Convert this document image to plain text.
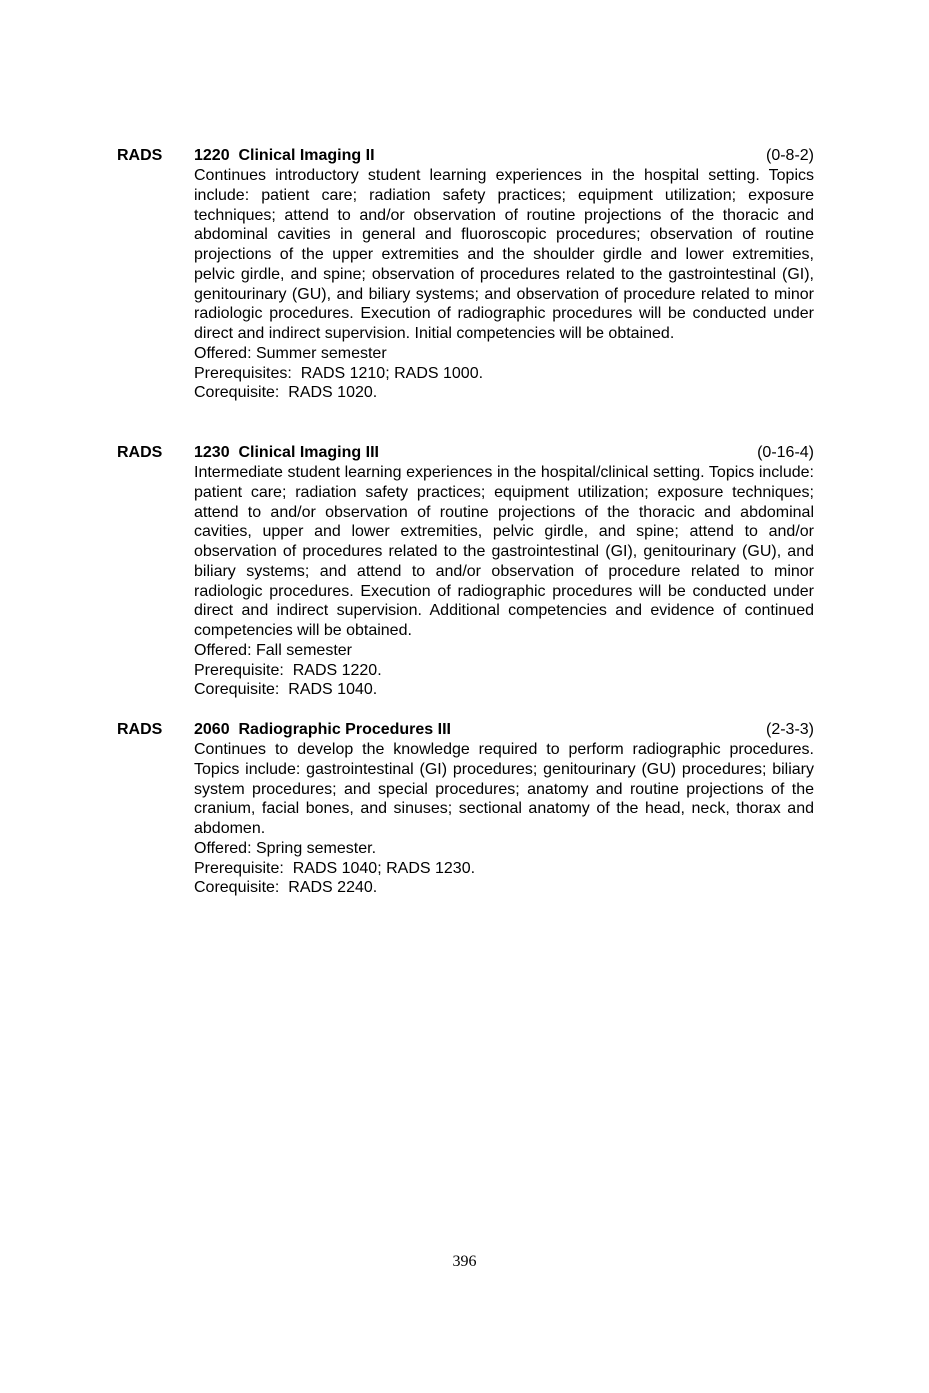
RADS 1220  Clinical Imaging II	(0-8-2)

Continues introductory student learning experiences in the hospital setting. Topics include: patient care; radiation safety practices; equipment utilization; exposure techniques; attend to and/or observation of routine projections of the thoracic and abdominal cavities in general and fluoroscopic procedures; observation of routine projections of the upper extremities and the shoulder girdle and lower extremities, pelvic girdle, and spine; observation of procedures related to the gastrointestinal (GI), genitourinary (GU), and biliary systems; and observation of procedure related to minor radiologic procedures. Execution of radiographic procedures will be conducted under direct and indirect supervision. Initial competencies will be obtained.

Offered: Summer semester

Prerequisites:  RADS 1210; RADS 1000.

Corequisite:  RADS 1020.

RADS 1230  Clinical Imaging III	(0-16-4)

Intermediate student learning experiences in the hospital/clinical setting. Topics include: patient care; radiation safety practices; equipment utilization; exposure techniques; attend to and/or observation of routine projections of the thoracic and abdominal cavities, upper and lower extremities, pelvic girdle, and spine; attend to and/or observation of procedures related to the gastrointestinal (GI), genitourinary (GU), and biliary systems; and attend to and/or observation of procedure related to minor radiologic procedures. Execution of radiographic procedures will be conducted under direct and indirect supervision. Additional competencies and evidence of continued competencies will be obtained.

Offered: Fall semester

Prerequisite:  RADS 1220.

Corequisite:  RADS 1040.

RADS 2060  Radiographic Procedures III	(2-3-3)

Continues to develop the knowledge required to perform radiographic procedures. Topics include: gastrointestinal (GI) procedures; genitourinary (GU) procedures; biliary system procedures; and special procedures; anatomy and routine projections of the cranium, facial bones, and sinuses; sectional anatomy of the head, neck, thorax and abdomen.

Offered: Spring semester.

Prerequisite:  RADS 1040; RADS 1230.

Corequisite:  RADS 2240.

396
